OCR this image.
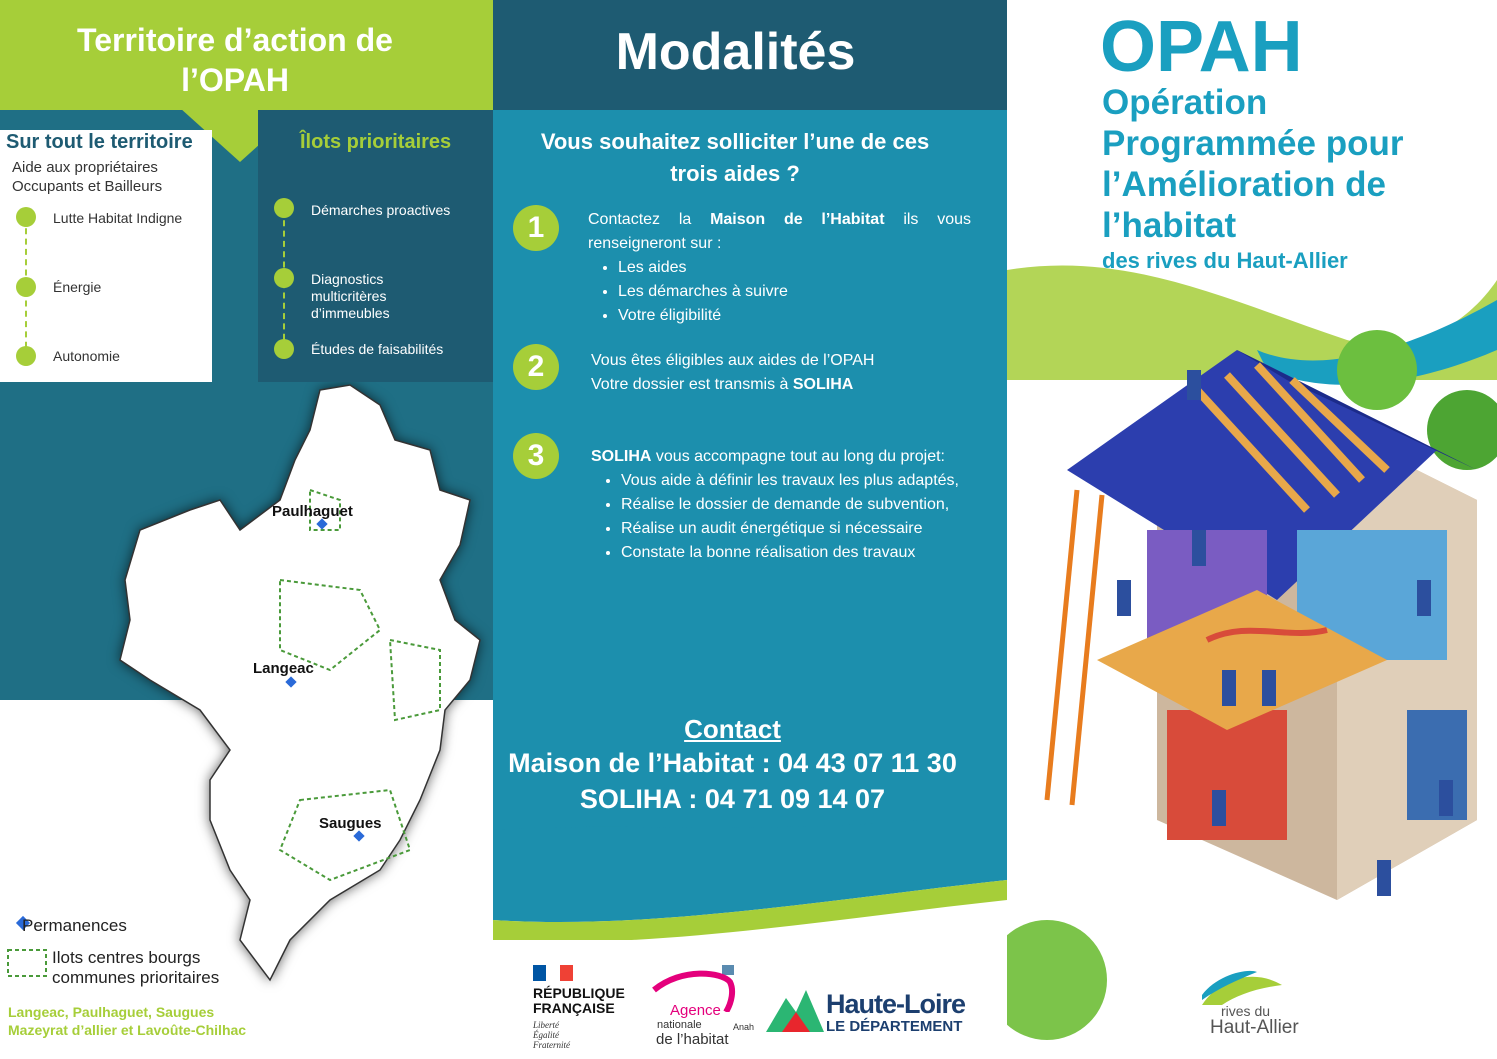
Territoire d’action de l’OPAH
Paulhaguet
Langeac
Saugues
Sur tout le territoire
Aide aux propriétaires
Occupants et Bailleurs
Lutte Habitat Indigne
Énergie
Autonomie
Îlots prioritaires
Démarches proactives
Diagnostics multicritères d’immeubles
Études de faisabilités
Permanences
Ilots centres bourgs
communes prioritaires
Langeac, Paulhaguet, Saugues
Mazeyrat d’allier et Lavoûte-Chilhac
Modalités
Vous souhaitez solliciter l’une de ces trois aides ?
1	Contactez la Maison de l’Habitat ils vous renseigneront sur :
• Les aides
• Les démarches à suivre
• Votre éligibilité
2	Vous êtes éligibles aux aides de l’OPAH
Votre dossier est transmis à SOLIHA
3	SOLIHA vous accompagne tout au long du projet:
• Vous aide à définir les travaux les plus adaptés,
• Réalise le dossier de demande de subvention,
• Réalise un audit énergétique si nécessaire
• Constate la bonne réalisation des travaux
Contact
Maison de l’Habitat : 04 43 07 11 30
SOLIHA : 04 71 09 14 07
RÉPUBLIQUE
FRANÇAISE
Liberté
Égalité
Fraternité
Agence
nationale
de l’habitat
Anah
Haute-Loire
LE DÉPARTEMENT
OPAH
Opération
Programmée pour
l’Amélioration de
l’habitat
des rives du Haut-Allier
rives du
Haut-Allier
